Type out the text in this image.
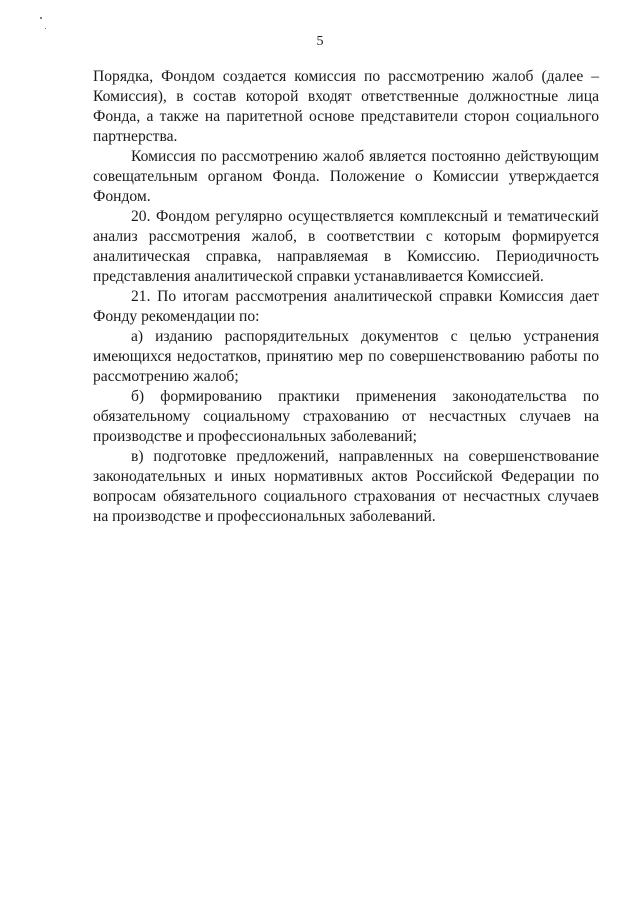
5

Порядка, Фондом создается комиссия по рассмотрению жалоб (далее – Комиссия), в состав которой входят ответственные должностные лица Фонда, а также на паритетной основе представители сторон социального партнерства.

Комиссия по рассмотрению жалоб является постоянно действующим совещательным органом Фонда. Положение о Комиссии утверждается Фондом.

20. Фондом регулярно осуществляется комплексный и тематический анализ рассмотрения жалоб, в соответствии с которым формируется аналитическая справка, направляемая в Комиссию. Периодичность представления аналитической справки устанавливается Комиссией.

21. По итогам рассмотрения аналитической справки Комиссия дает Фонду рекомендации по:

а) изданию распорядительных документов с целью устранения имеющихся недостатков, принятию мер по совершенствованию работы по рассмотрению жалоб;

б) формированию практики применения законодательства по обязательному социальному страхованию от несчастных случаев на производстве и профессиональных заболеваний;

в) подготовке предложений, направленных на совершенствование законодательных и иных нормативных актов Российской Федерации по вопросам обязательного социального страхования от несчастных случаев на производстве и профессиональных заболеваний.
